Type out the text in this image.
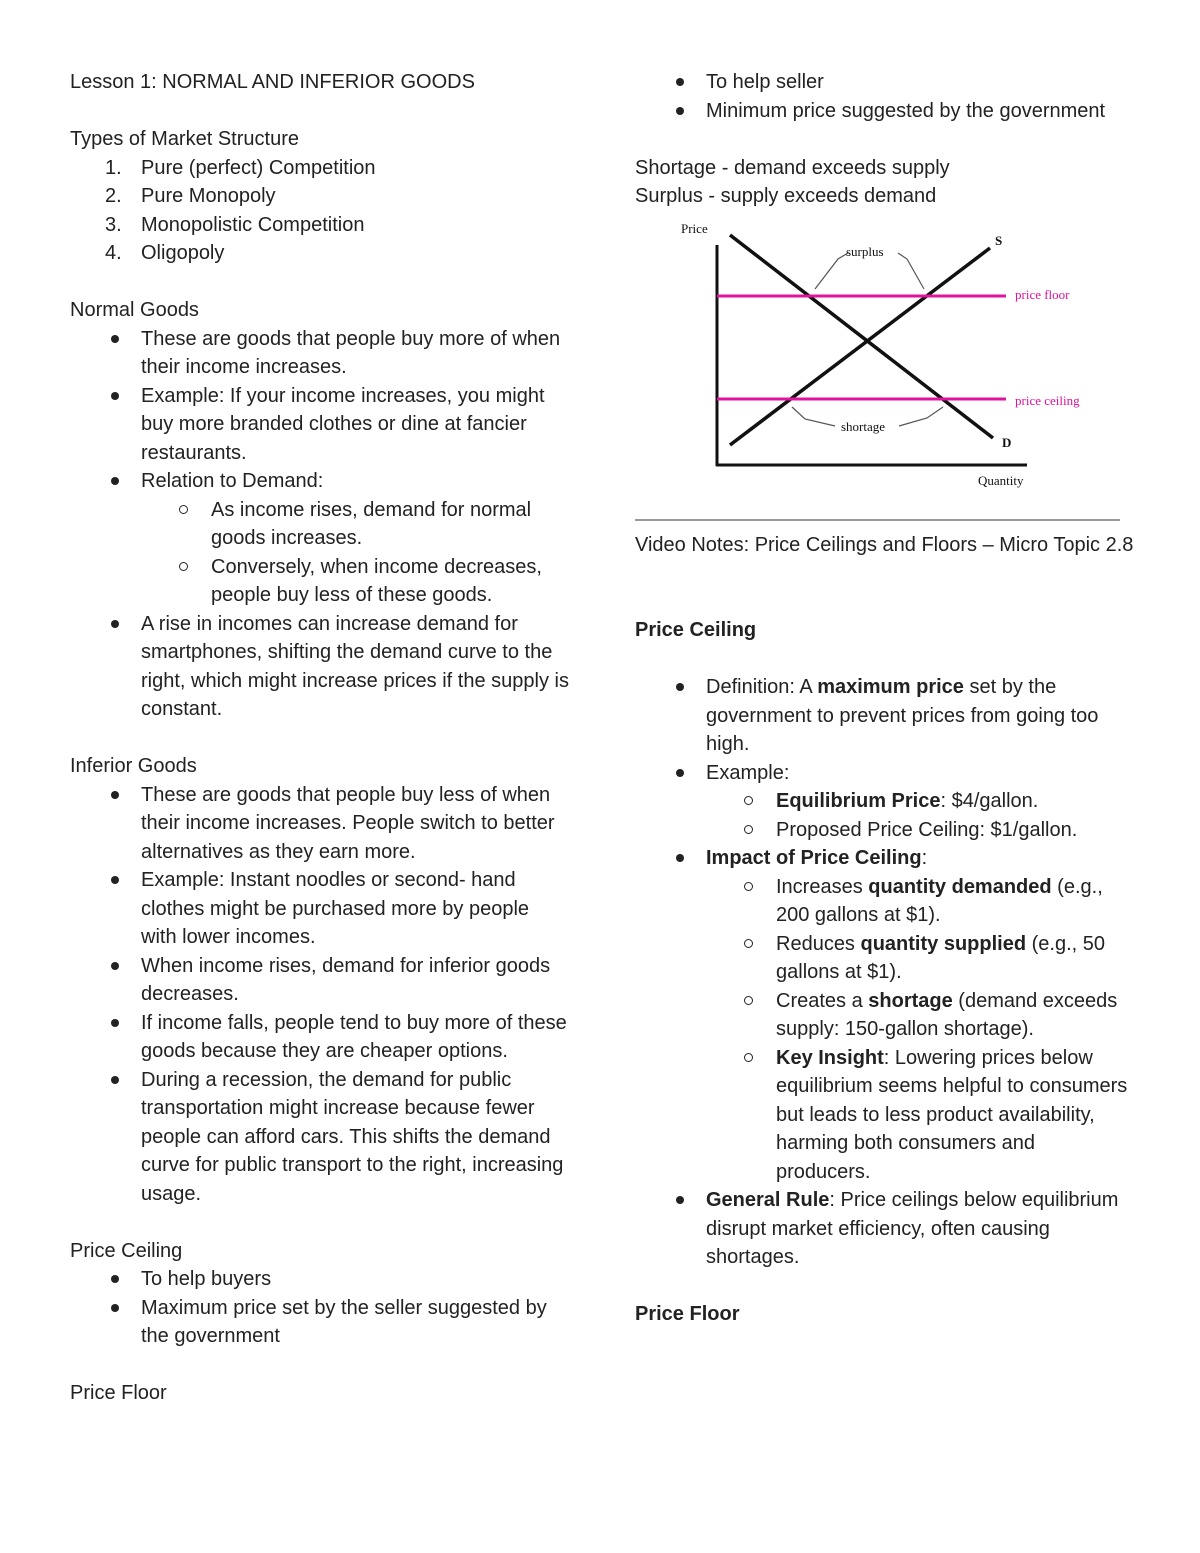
Lesson 1: NORMAL AND INFERIOR GOODS

Types of Market Structure

1. Pure (perfect) Competition
2. Pure Monopoly
3. Monopolistic Competition
4. Oligopoly

Normal Goods

These are goods that people buy more of when their income increases.
Example: If your income increases, you might buy more branded clothes or dine at fancier restaurants.
Relation to Demand:
As income rises, demand for normal goods increases.
Conversely, when income decreases, people buy less of these goods.
A rise in incomes can increase demand for smartphones, shifting the demand curve to the right, which might increase prices if the supply is constant.

Inferior Goods

These are goods that people buy less of when their income increases. People switch to better alternatives as they earn more.
Example: Instant noodles or second- hand clothes might be purchased more by people with lower incomes.
When income rises, demand for inferior goods decreases.
If income falls, people tend to buy more of these goods because they are cheaper options.
During a recession, the demand for public transportation might increase because fewer people can afford cars. This shifts the demand curve for public transport to the right, increasing usage.

Price Ceiling

To help buyers
Maximum price set by the seller suggested by the government

Price Floor

To help seller
Minimum price suggested by the government

Shortage - demand exceeds supply

Surplus - supply exceeds demand

Price
Quantity
S
D
price floor
price ceiling
surplus
shortage

Video Notes: Price Ceilings and Floors – Micro Topic 2.8

Price Ceiling

Definition: A maximum price set by the government to prevent prices from going too high.
Example:
Equilibrium Price: $4/gallon.
Proposed Price Ceiling: $1/gallon.
Impact of Price Ceiling:
Increases quantity demanded (e.g., 200 gallons at $1).
Reduces quantity supplied (e.g., 50 gallons at $1).
Creates a shortage (demand exceeds supply: 150-gallon shortage).
Key Insight: Lowering prices below equilibrium seems helpful to consumers but leads to less product availability, harming both consumers and producers.
General Rule: Price ceilings below equilibrium disrupt market efficiency, often causing shortages.

Price Floor
